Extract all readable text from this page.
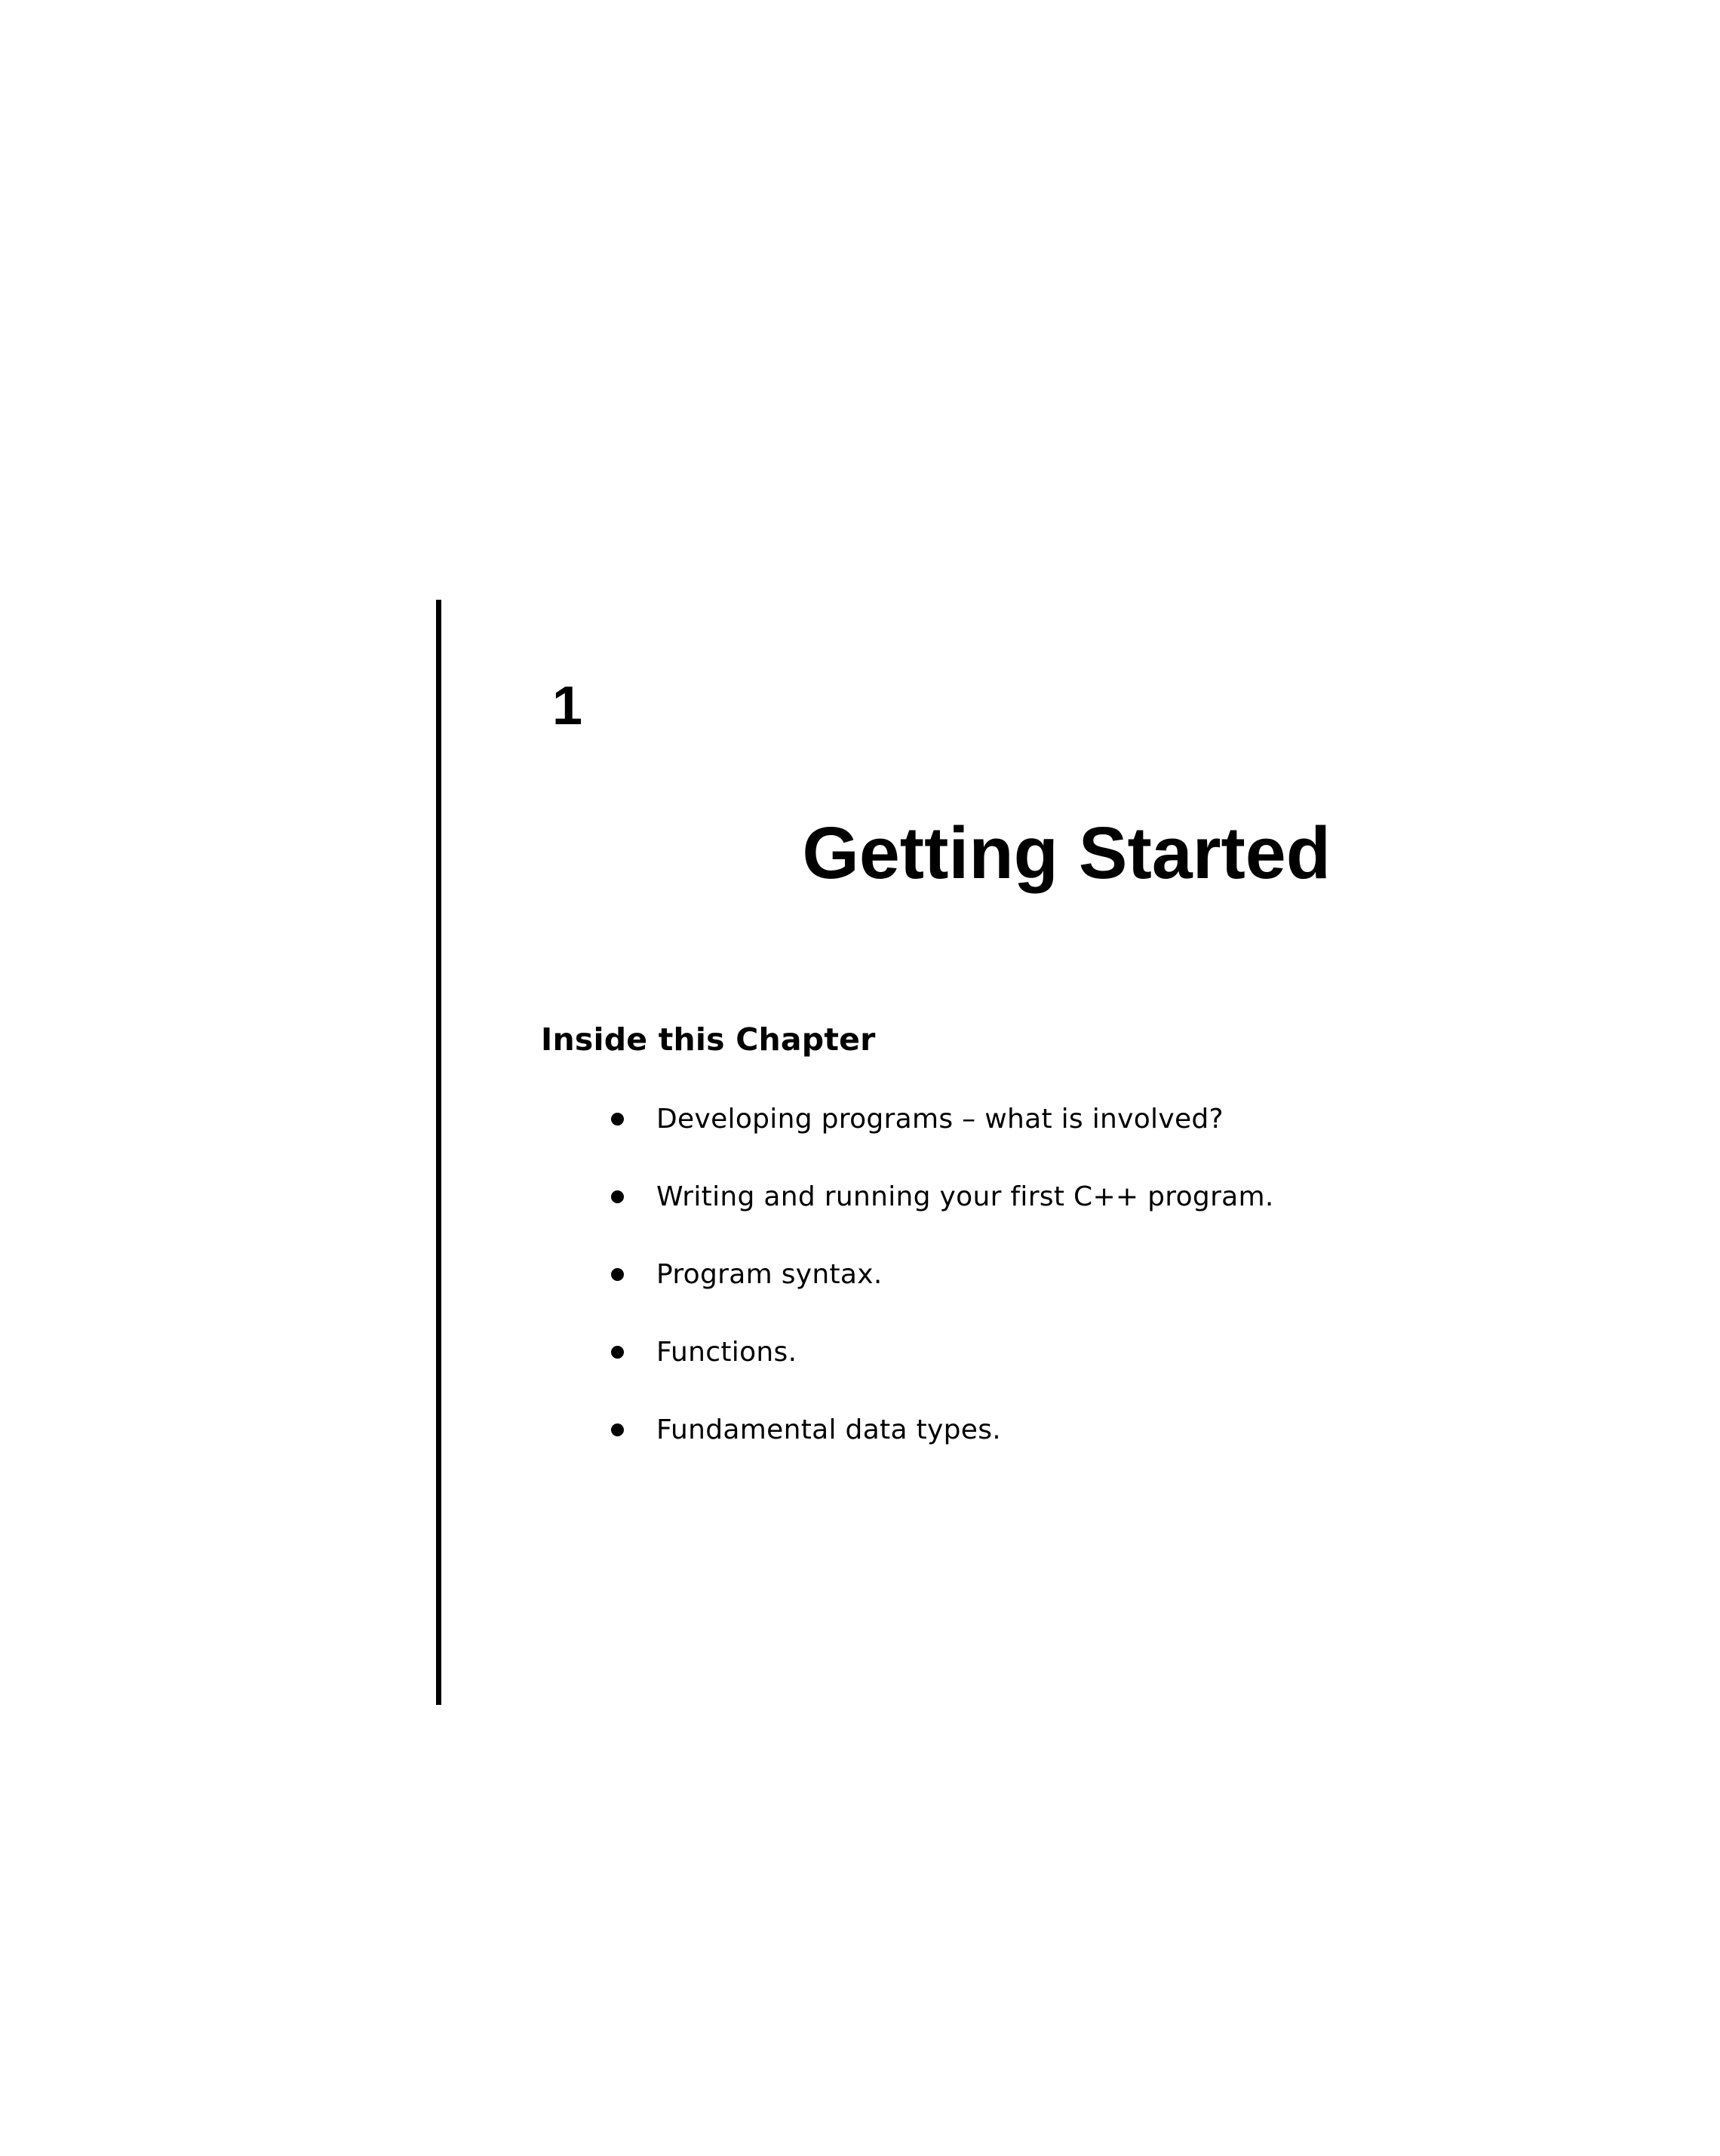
1
Getting Started
Inside this Chapter
Developing programs – what is involved?
Writing and running your first C++ program.
Program syntax.
Functions.
Fundamental data types.
